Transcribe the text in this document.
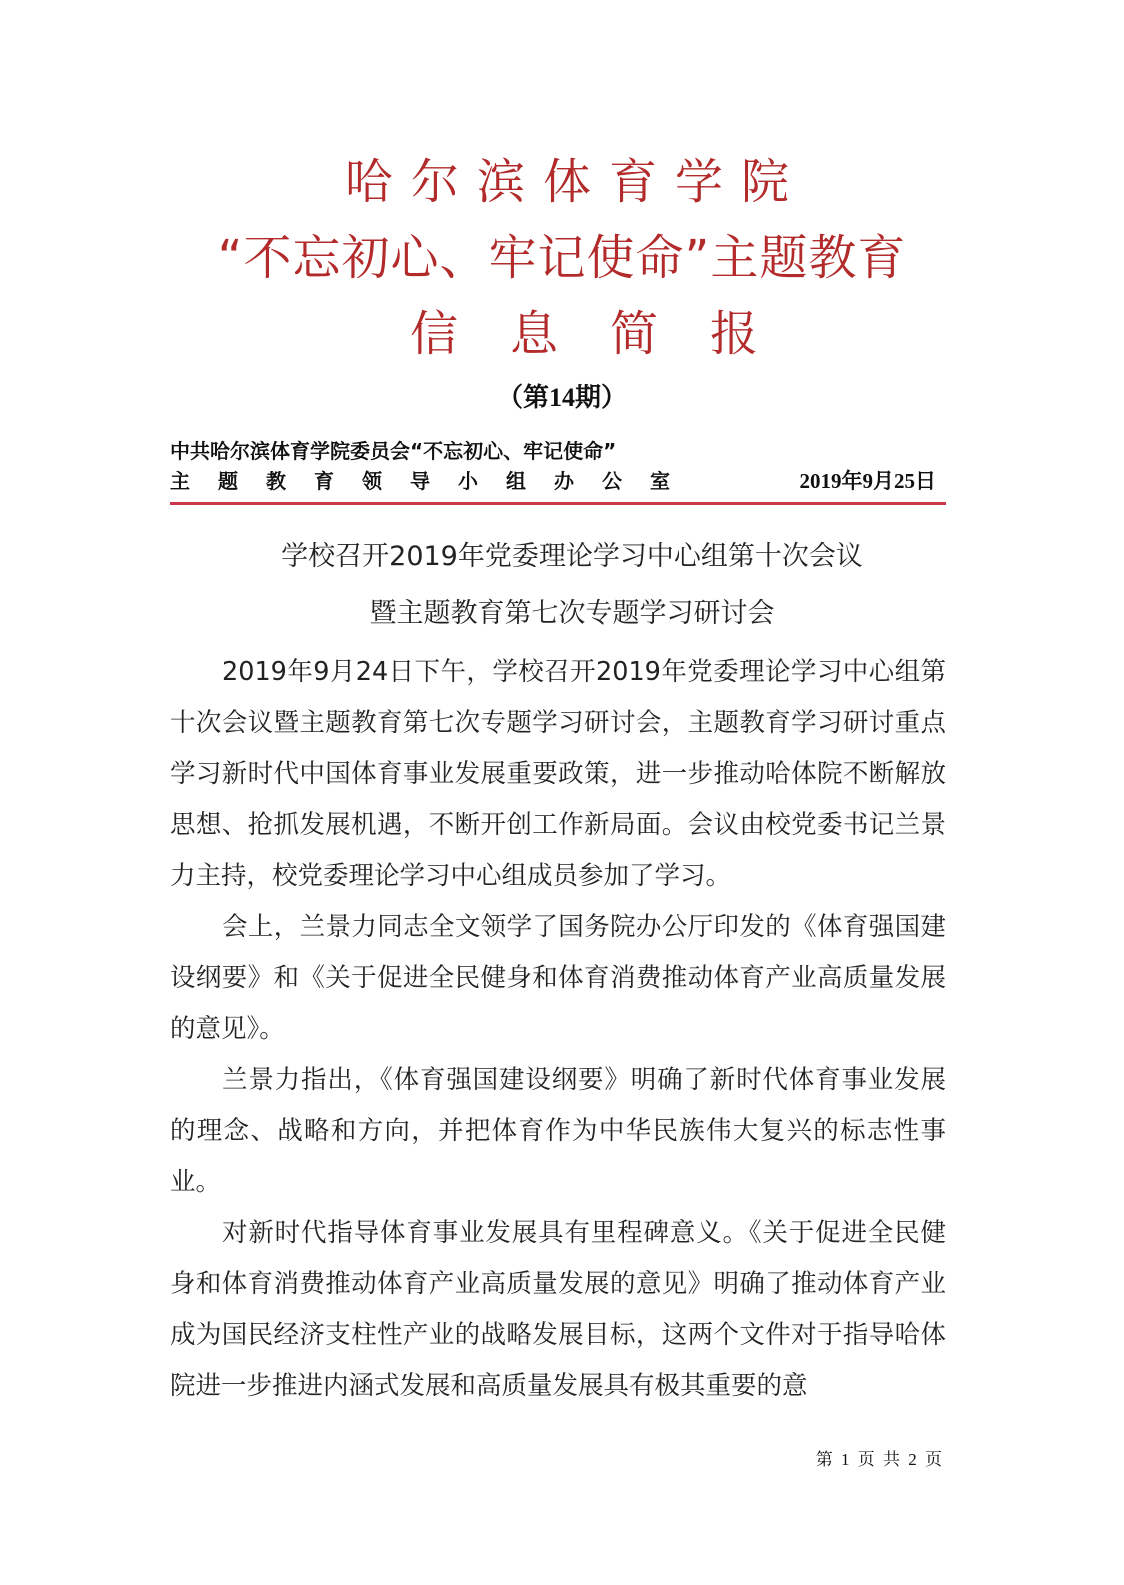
哈尔滨体育学院
“不忘初心、牢记使命”主题教育
信息简报
（第14期）
中共哈尔滨体育学院委员会“不忘初心、牢记使命”
主 题 教 育 领 导 小 组 办 公 室	2019年9月25日
学校召开2019年党委理论学习中心组第十次会议
暨主题教育第七次专题学习研讨会

2019年9月24日下午，学校召开2019年党委理论学习中心组第十次会议暨主题教育第七次专题学习研讨会，主题教育学习研讨重点学习新时代中国体育事业发展重要政策，进一步推动哈体院不断解放思想、抢抓发展机遇，不断开创工作新局面。会议由校党委书记兰景力主持，校党委理论学习中心组成员参加了学习。

会上，兰景力同志全文领学了国务院办公厅印发的《体育强国建设纲要》和《关于促进全民健身和体育消费推动体育产业高质量发展的意见》。

兰景力指出，《体育强国建设纲要》明确了新时代体育事业发展的理念、战略和方向，并把体育作为中华民族伟大复兴的标志性事业。

对新时代指导体育事业发展具有里程碑意义。《关于促进全民健身和体育消费推动体育产业高质量发展的意见》明确了推动体育产业成为国民经济支柱性产业的战略发展目标，这两个文件对于指导哈体院进一步推进内涵式发展和高质量发展具有极其重要的意

第 1 页 共 2 页
